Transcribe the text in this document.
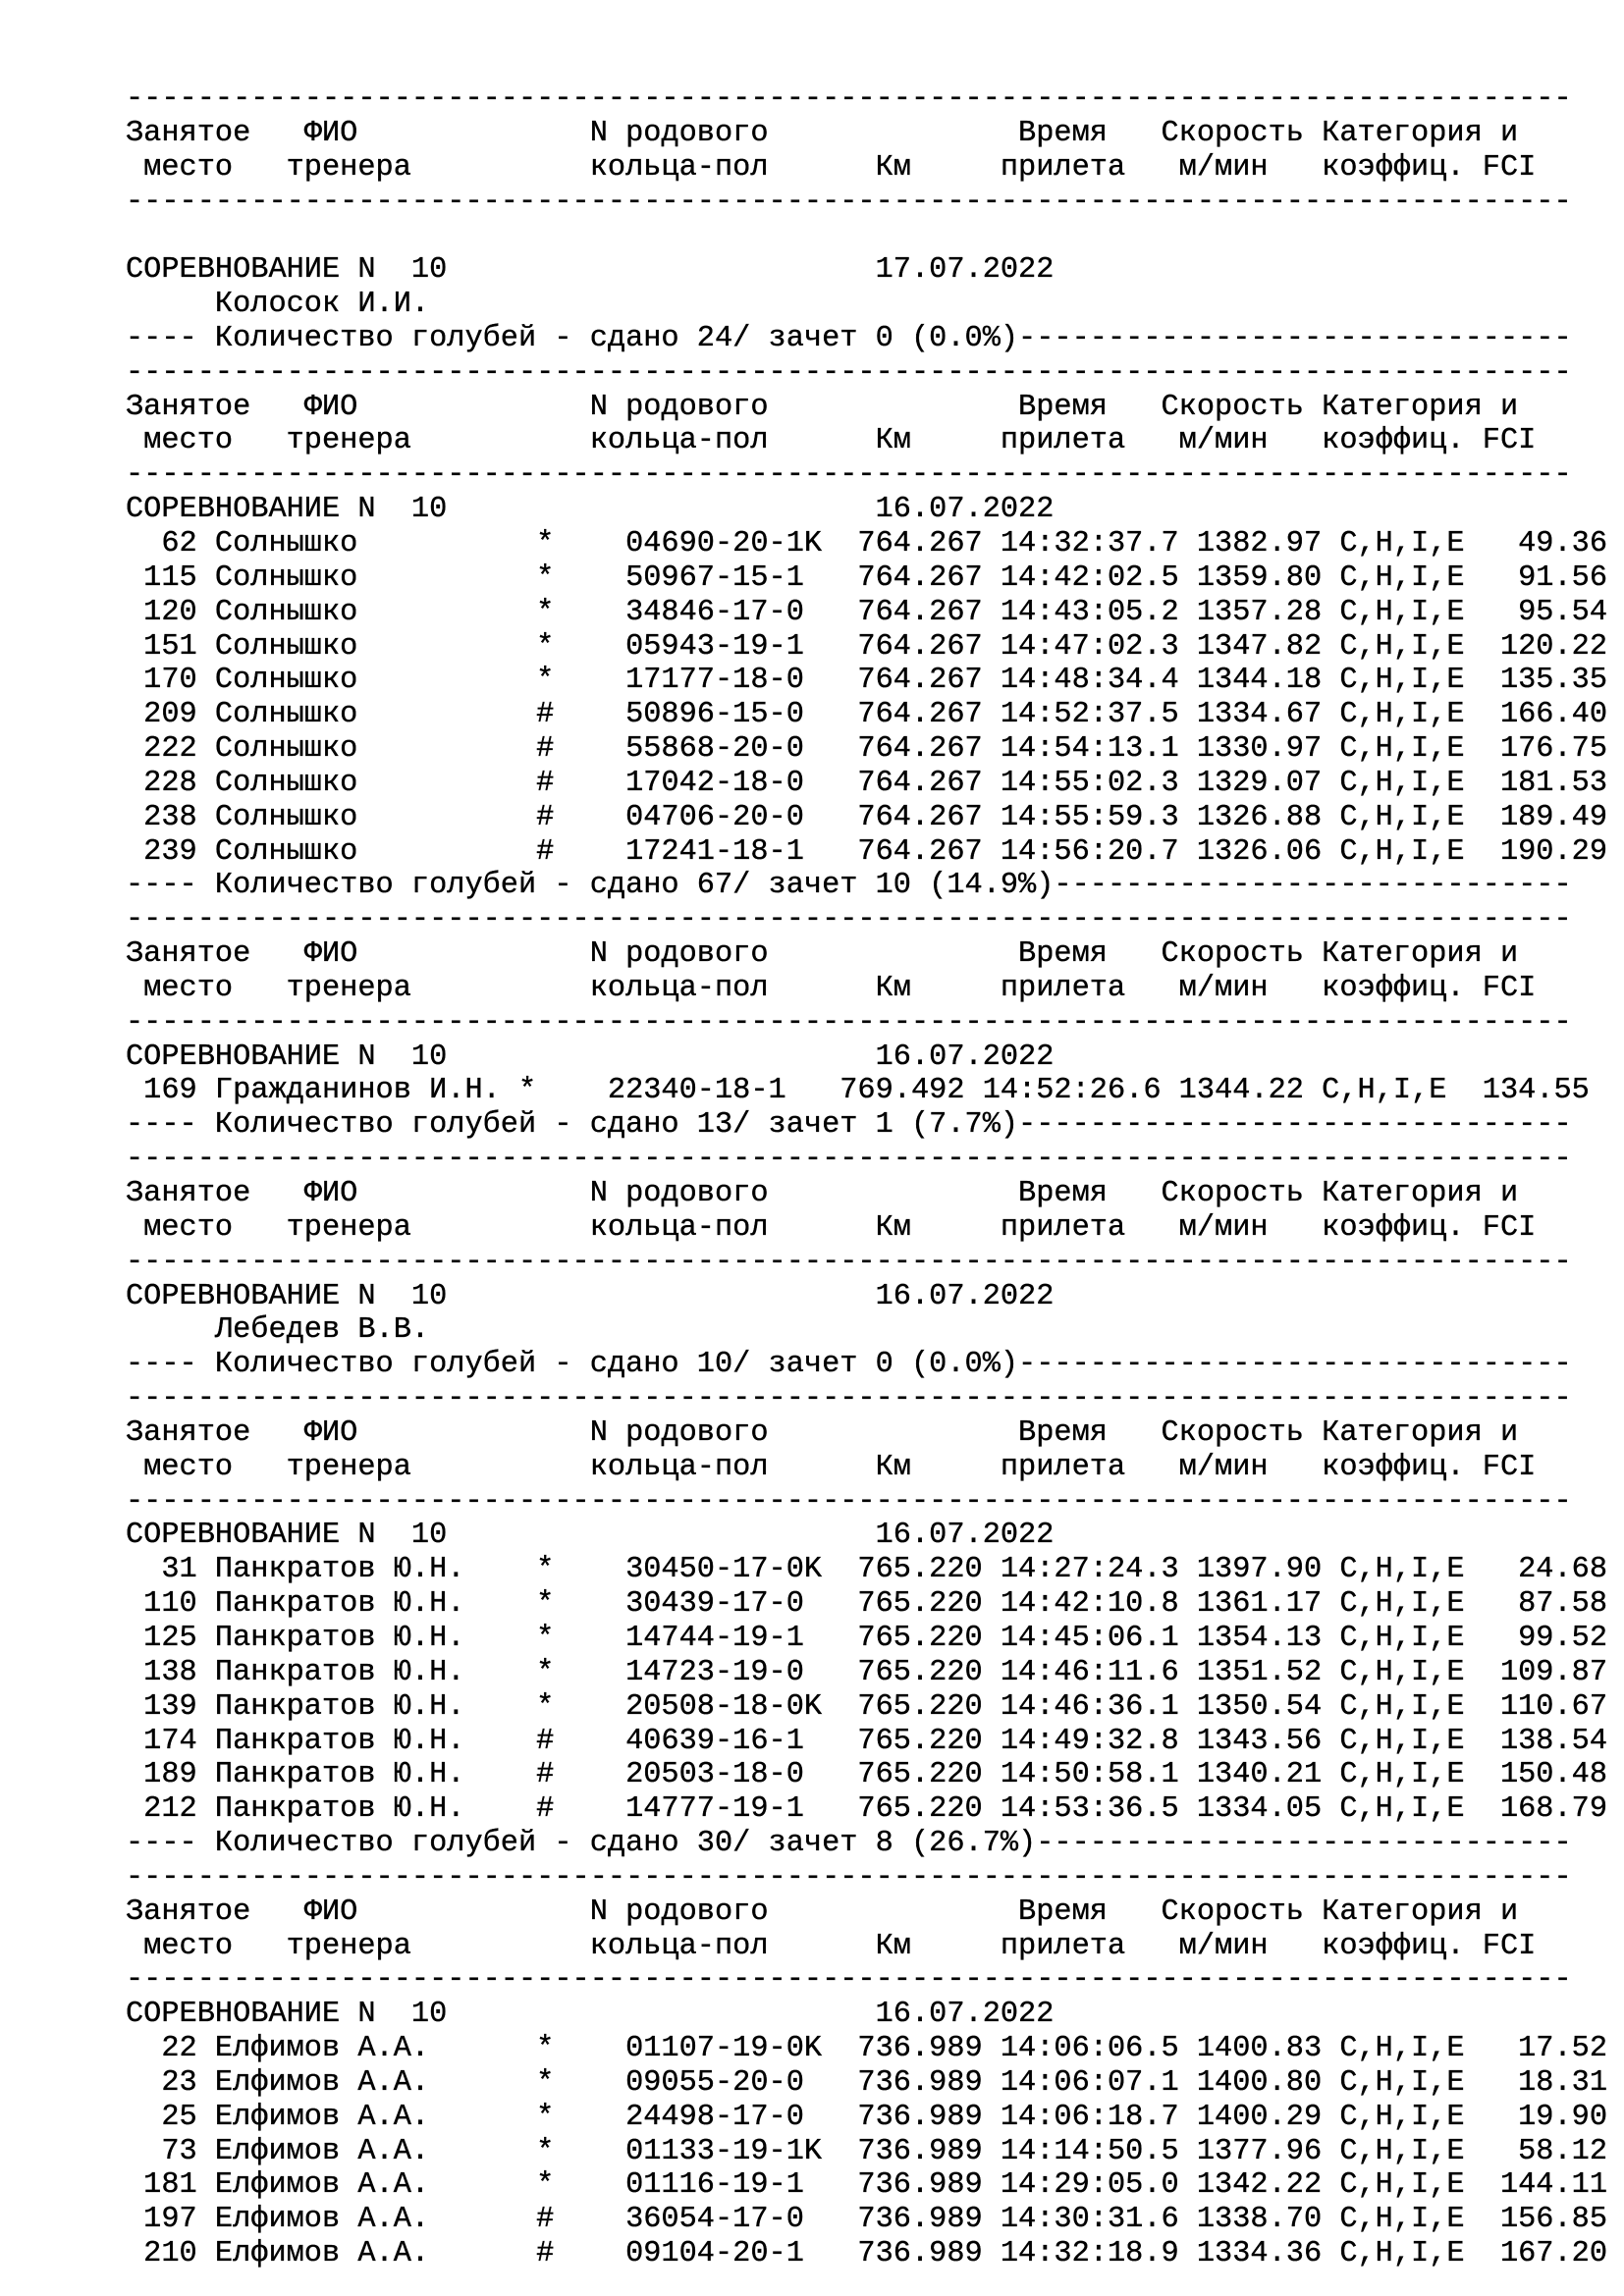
---------------------------------------------------------------------------------
Занятое   ФИО             N родового              Время   Скорость Категория и
место   тренера          кольца-пол      Км     прилета   м/мин   коэффиц. FCI
---------------------------------------------------------------------------------
СОРЕВНОВАНИЕ N  10                        17.07.2022
Колосок И.И.
---- Количество голубей - сдано 24/ зачет 0 (0.0%)-------------------------------
---------------------------------------------------------------------------------
Занятое   ФИО             N родового              Время   Скорость Категория и
место   тренера          кольца-пол      Км     прилета   м/мин   коэффиц. FCI
---------------------------------------------------------------------------------
СОРЕВНОВАНИЕ N  10                        16.07.2022
62 Солнышко          *    04690-20-1K  764.267 14:32:37.7 1382.97 C,H,I,E   49.36
115 Солнышко          *    50967-15-1   764.267 14:42:02.5 1359.80 C,H,I,E   91.56
120 Солнышко          *    34846-17-0   764.267 14:43:05.2 1357.28 C,H,I,E   95.54
151 Солнышко          *    05943-19-1   764.267 14:47:02.3 1347.82 C,H,I,E  120.22
170 Солнышко          *    17177-18-0   764.267 14:48:34.4 1344.18 C,H,I,E  135.35
209 Солнышко          #    50896-15-0   764.267 14:52:37.5 1334.67 C,H,I,E  166.40
222 Солнышко          #    55868-20-0   764.267 14:54:13.1 1330.97 C,H,I,E  176.75
228 Солнышко          #    17042-18-0   764.267 14:55:02.3 1329.07 C,H,I,E  181.53
238 Солнышко          #    04706-20-0   764.267 14:55:59.3 1326.88 C,H,I,E  189.49
239 Солнышко          #    17241-18-1   764.267 14:56:20.7 1326.06 C,H,I,E  190.29
---- Количество голубей - сдано 67/ зачет 10 (14.9%)-----------------------------
---------------------------------------------------------------------------------
Занятое   ФИО             N родового              Время   Скорость Категория и
место   тренера          кольца-пол      Км     прилета   м/мин   коэффиц. FCI
---------------------------------------------------------------------------------
СОРЕВНОВАНИЕ N  10                        16.07.2022
169 Гражданинов И.Н. *    22340-18-1   769.492 14:52:26.6 1344.22 C,H,I,E  134.55
---- Количество голубей - сдано 13/ зачет 1 (7.7%)-------------------------------
---------------------------------------------------------------------------------
Занятое   ФИО             N родового              Время   Скорость Категория и
место   тренера          кольца-пол      Км     прилета   м/мин   коэффиц. FCI
---------------------------------------------------------------------------------
СОРЕВНОВАНИЕ N  10                        16.07.2022
Лебедев В.В.
---- Количество голубей - сдано 10/ зачет 0 (0.0%)-------------------------------
---------------------------------------------------------------------------------
Занятое   ФИО             N родового              Время   Скорость Категория и
место   тренера          кольца-пол      Км     прилета   м/мин   коэффиц. FCI
---------------------------------------------------------------------------------
СОРЕВНОВАНИЕ N  10                        16.07.2022
31 Панкратов Ю.Н.    *    30450-17-0K  765.220 14:27:24.3 1397.90 C,H,I,E   24.68
110 Панкратов Ю.Н.    *    30439-17-0   765.220 14:42:10.8 1361.17 C,H,I,E   87.58
125 Панкратов Ю.Н.    *    14744-19-1   765.220 14:45:06.1 1354.13 C,H,I,E   99.52
138 Панкратов Ю.Н.    *    14723-19-0   765.220 14:46:11.6 1351.52 C,H,I,E  109.87
139 Панкратов Ю.Н.    *    20508-18-0K  765.220 14:46:36.1 1350.54 C,H,I,E  110.67
174 Панкратов Ю.Н.    #    40639-16-1   765.220 14:49:32.8 1343.56 C,H,I,E  138.54
189 Панкратов Ю.Н.    #    20503-18-0   765.220 14:50:58.1 1340.21 C,H,I,E  150.48
212 Панкратов Ю.Н.    #    14777-19-1   765.220 14:53:36.5 1334.05 C,H,I,E  168.79
---- Количество голубей - сдано 30/ зачет 8 (26.7%)------------------------------
---------------------------------------------------------------------------------
Занятое   ФИО             N родового              Время   Скорость Категория и
место   тренера          кольца-пол      Км     прилета   м/мин   коэффиц. FCI
---------------------------------------------------------------------------------
СОРЕВНОВАНИЕ N  10                        16.07.2022
22 Елфимов А.А.      *    01107-19-0K  736.989 14:06:06.5 1400.83 C,H,I,E   17.52
23 Елфимов А.А.      *    09055-20-0   736.989 14:06:07.1 1400.80 C,H,I,E   18.31
25 Елфимов А.А.      *    24498-17-0   736.989 14:06:18.7 1400.29 C,H,I,E   19.90
73 Елфимов А.А.      *    01133-19-1K  736.989 14:14:50.5 1377.96 C,H,I,E   58.12
181 Елфимов А.А.      *    01116-19-1   736.989 14:29:05.0 1342.22 C,H,I,E  144.11
197 Елфимов А.А.      #    36054-17-0   736.989 14:30:31.6 1338.70 C,H,I,E  156.85
210 Елфимов А.А.      #    09104-20-1   736.989 14:32:18.9 1334.36 C,H,I,E  167.20
